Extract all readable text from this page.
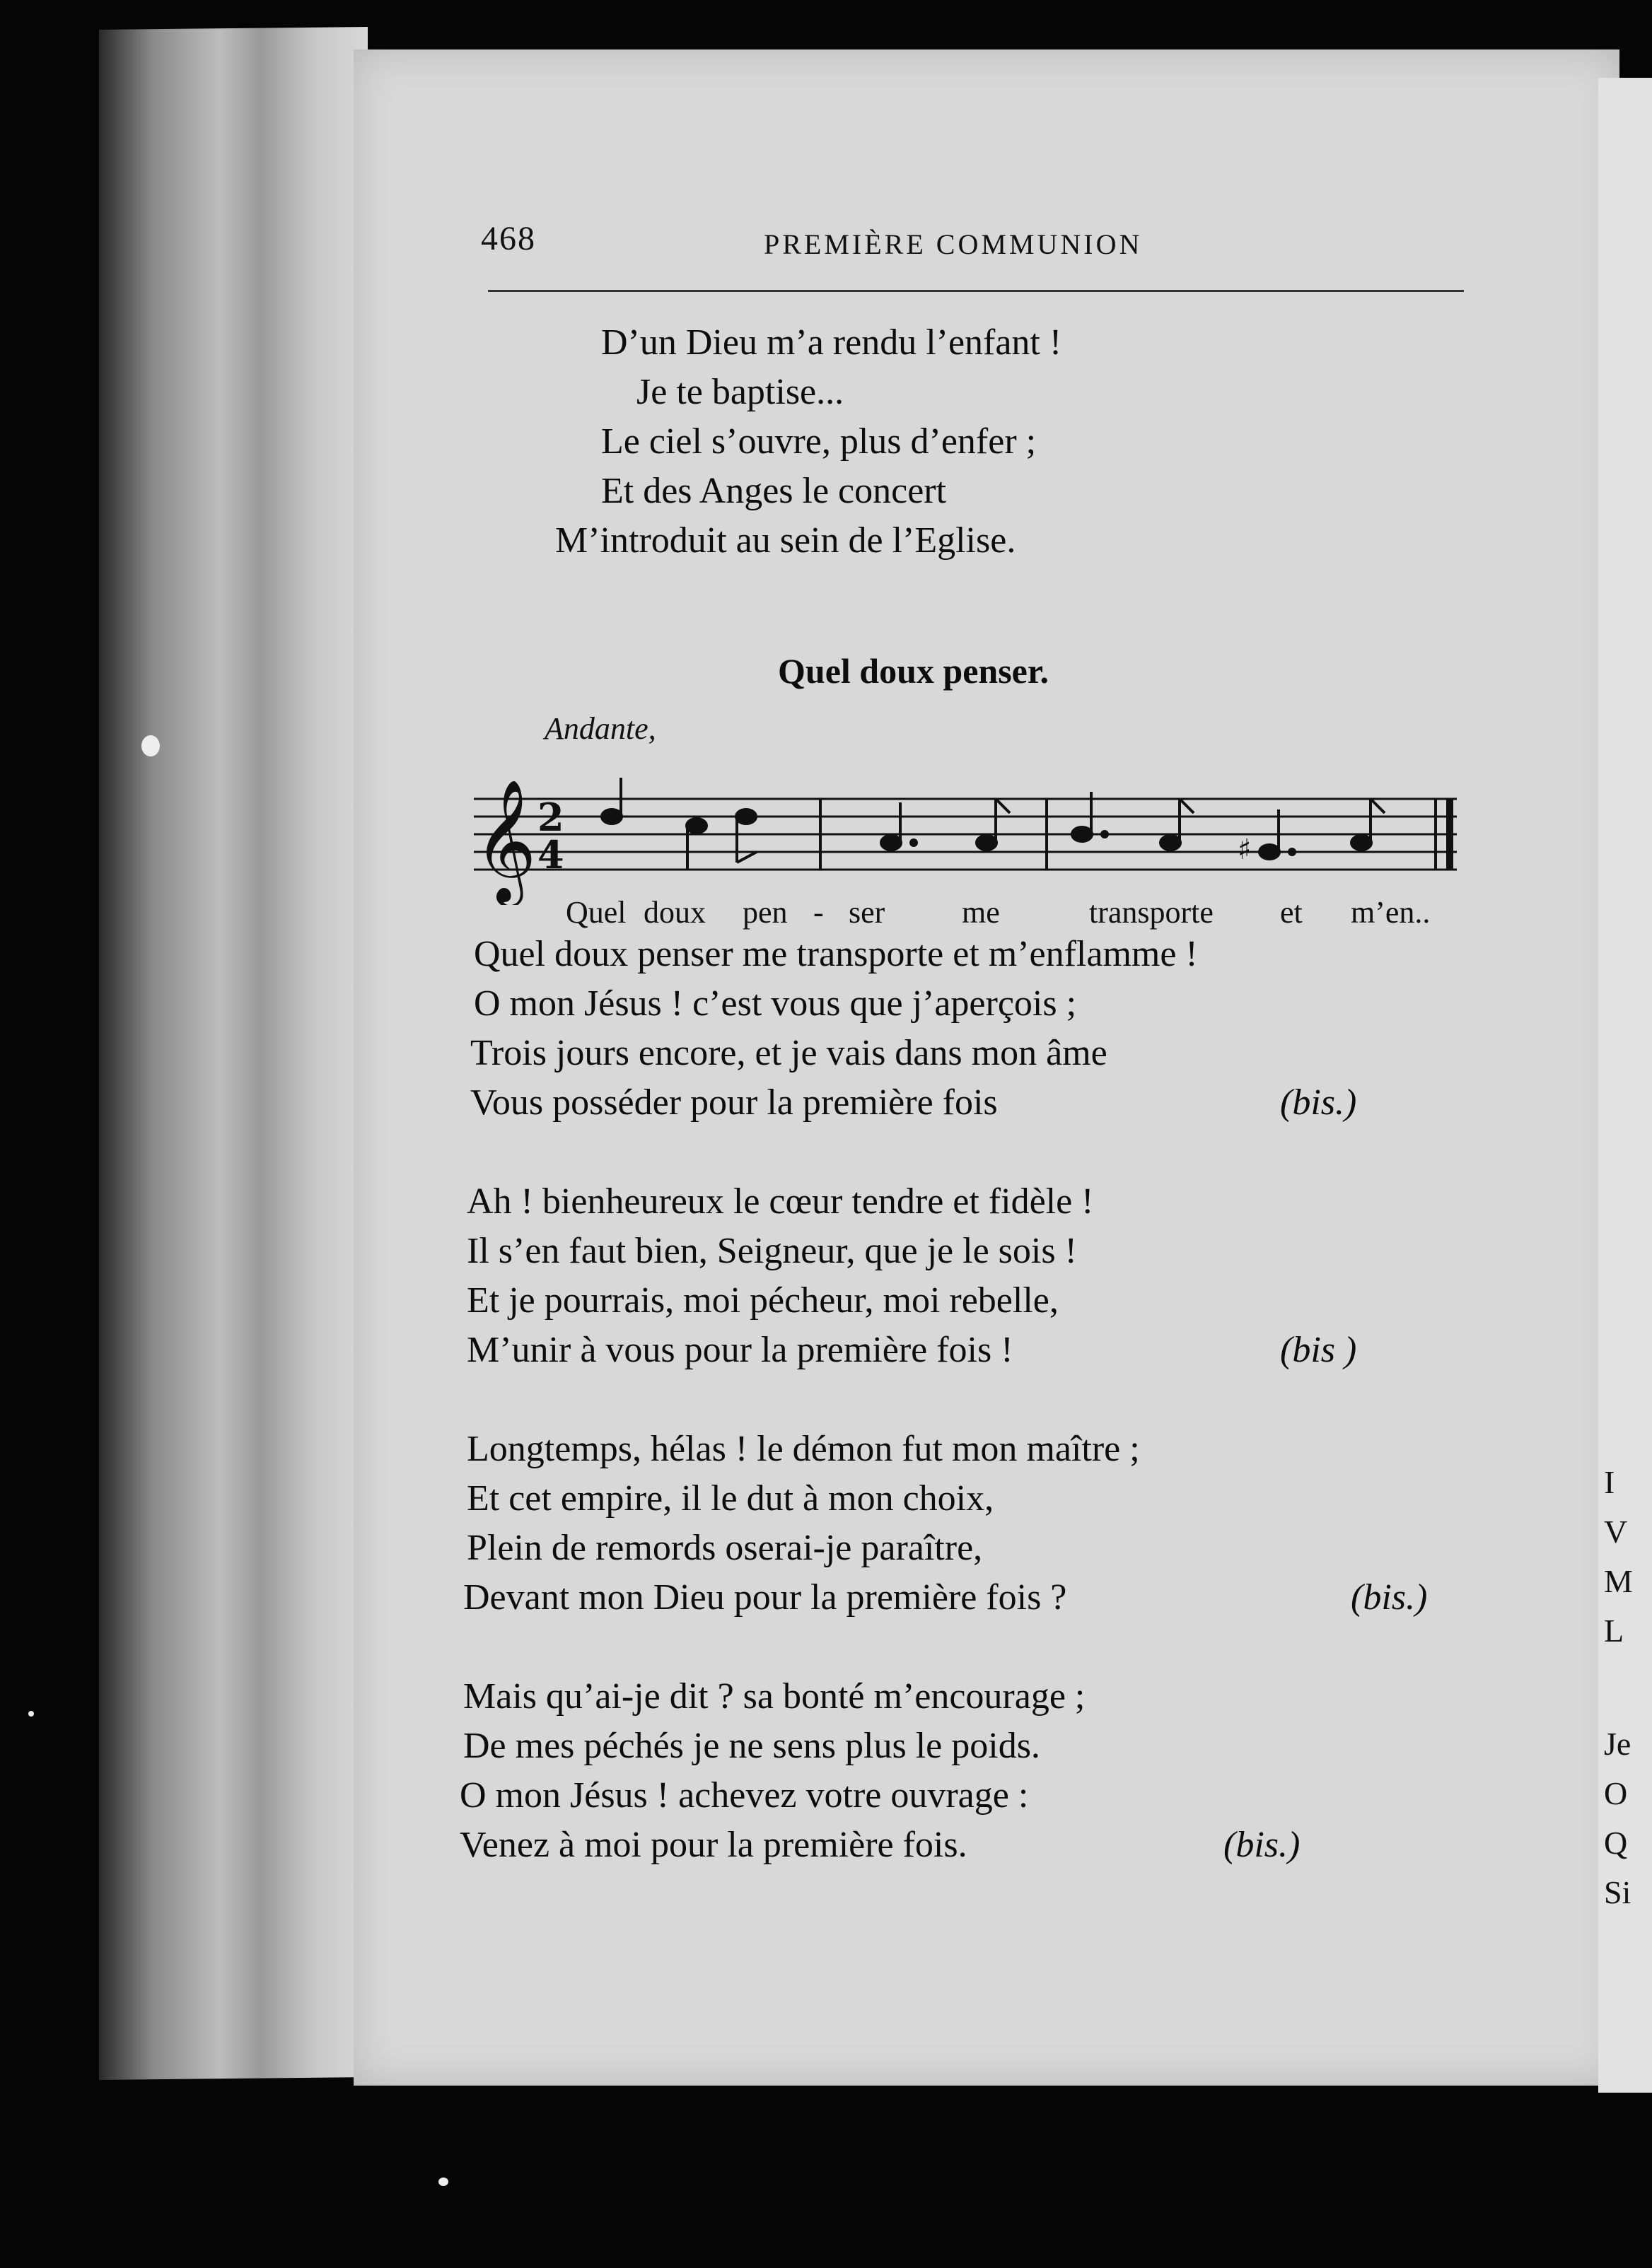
468	PREMIÈRE COMMUNION
D’un Dieu m’a rendu l’enfant !
Je te baptise...
Le ciel s’ouvre, plus d’enfer ;
Et des Anges le concert
M’introduit au sein de l’Eglise.
Quel doux penser.
Andante,
𝄞 2
4	♯
Quel doux pen - ser me	transporte et m’en..
Quel doux penser me transporte et m’enflamme !
O mon Jésus ! c’est vous que j’aperçois ;
Trois jours encore, et je vais dans mon âme
Vous posséder pour la première fois	(bis.)
Ah ! bienheureux le cœur tendre et fidèle !
Il s’en faut bien, Seigneur, que je le sois !
Et je pourrais, moi pécheur, moi rebelle,
M’unir à vous pour la première fois !	(bis )
Longtemps, hélas ! le démon fut mon maître ;
Et cet empire, il le dut à mon choix,
Plein de remords oserai-je paraître,
Devant mon Dieu pour la première fois ?	(bis.)
Mais qu’ai-je dit ? sa bonté m’encourage ;
De mes péchés je ne sens plus le poids.
O mon Jésus ! achevez votre ouvrage :
Venez à moi pour la première fois.	(bis.)
I
V
M
L
Je
O
Q
Si
